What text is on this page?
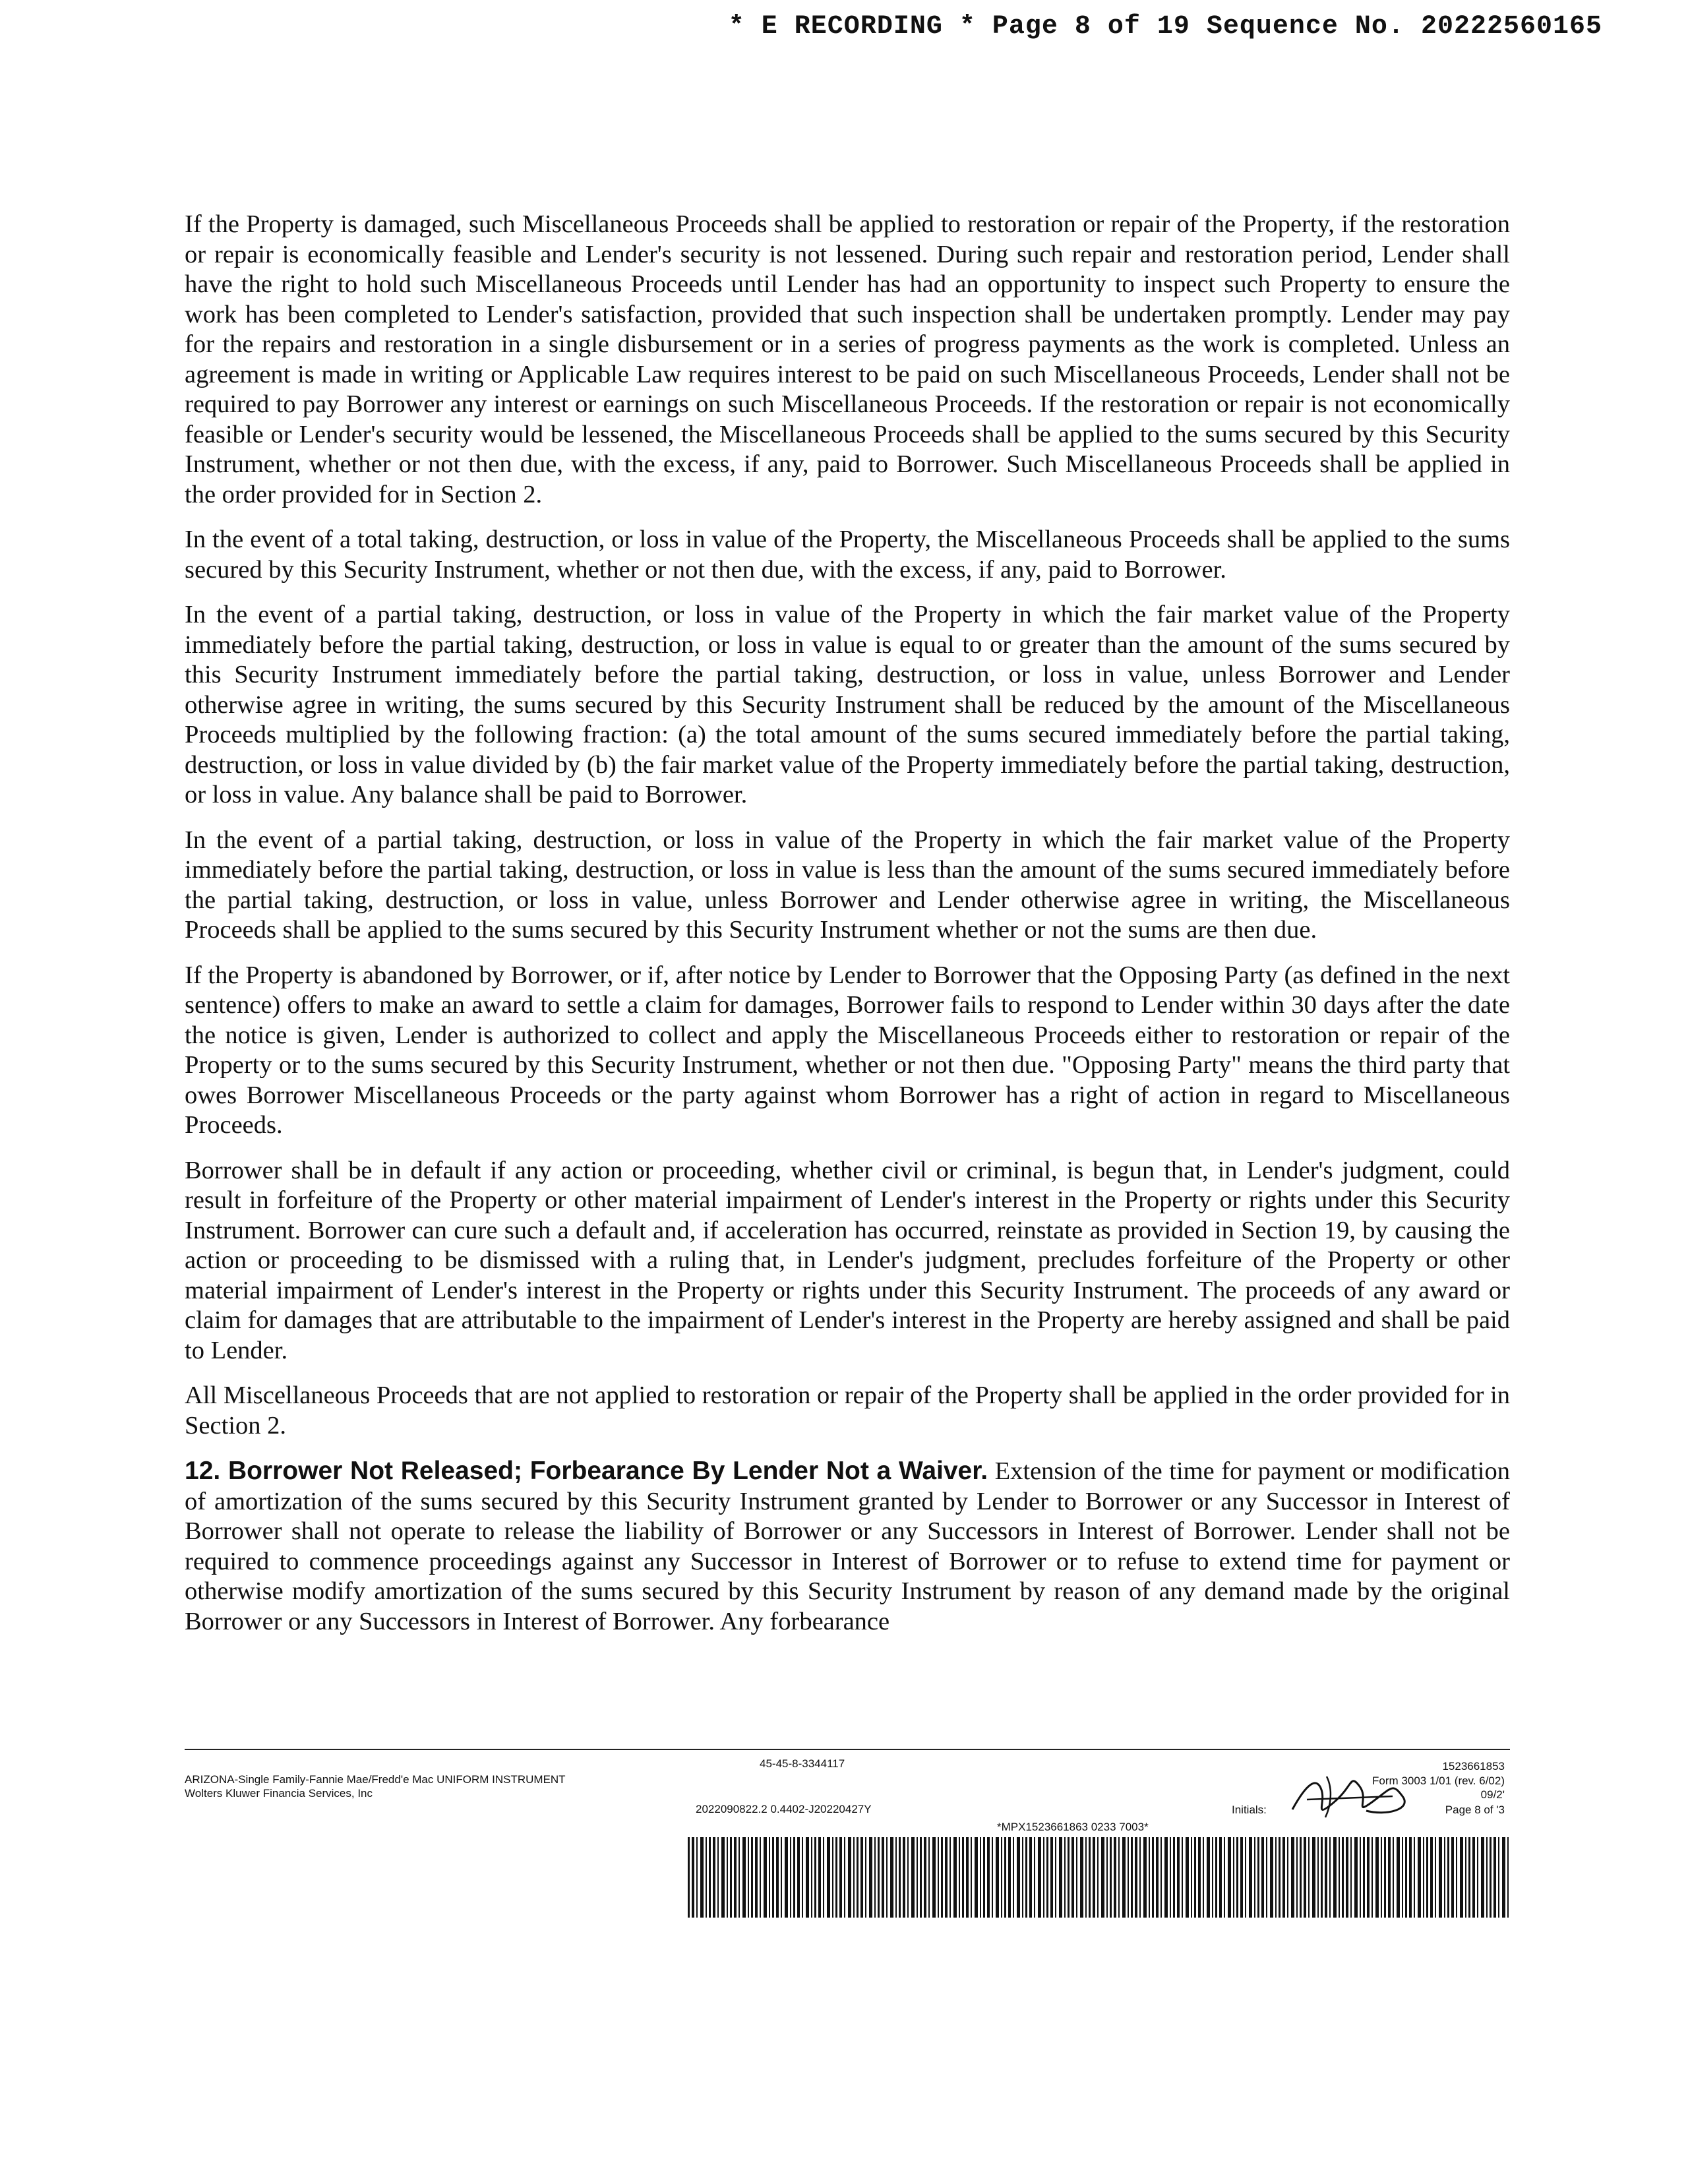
* E RECORDING * Page 8 of 19 Sequence No. 20222560165

If the Property is damaged, such Miscellaneous Proceeds shall be applied to restoration or repair of the Property, if the restoration or repair is economically feasible and Lender's security is not lessened. During such repair and restoration period, Lender shall have the right to hold such Miscellaneous Proceeds until Lender has had an opportunity to inspect such Property to ensure the work has been completed to Lender's satisfaction, provided that such inspection shall be undertaken promptly. Lender may pay for the repairs and restoration in a single disbursement or in a series of progress payments as the work is completed. Unless an agreement is made in writing or Applicable Law requires interest to be paid on such Miscellaneous Proceeds, Lender shall not be required to pay Borrower any interest or earnings on such Miscellaneous Proceeds. If the restoration or repair is not economically feasible or Lender's security would be lessened, the Miscellaneous Proceeds shall be applied to the sums secured by this Security Instrument, whether or not then due, with the excess, if any, paid to Borrower. Such Miscellaneous Proceeds shall be applied in the order provided for in Section 2.

In the event of a total taking, destruction, or loss in value of the Property, the Miscellaneous Proceeds shall be applied to the sums secured by this Security Instrument, whether or not then due, with the excess, if any, paid to Borrower.

In the event of a partial taking, destruction, or loss in value of the Property in which the fair market value of the Property immediately before the partial taking, destruction, or loss in value is equal to or greater than the amount of the sums secured by this Security Instrument immediately before the partial taking, destruction, or loss in value, unless Borrower and Lender otherwise agree in writing, the sums secured by this Security Instrument shall be reduced by the amount of the Miscellaneous Proceeds multiplied by the following fraction: (a) the total amount of the sums secured immediately before the partial taking, destruction, or loss in value divided by (b) the fair market value of the Property immediately before the partial taking, destruction, or loss in value. Any balance shall be paid to Borrower.

In the event of a partial taking, destruction, or loss in value of the Property in which the fair market value of the Property immediately before the partial taking, destruction, or loss in value is less than the amount of the sums secured immediately before the partial taking, destruction, or loss in value, unless Borrower and Lender otherwise agree in writing, the Miscellaneous Proceeds shall be applied to the sums secured by this Security Instrument whether or not the sums are then due.

If the Property is abandoned by Borrower, or if, after notice by Lender to Borrower that the Opposing Party (as defined in the next sentence) offers to make an award to settle a claim for damages, Borrower fails to respond to Lender within 30 days after the date the notice is given, Lender is authorized to collect and apply the Miscellaneous Proceeds either to restoration or repair of the Property or to the sums secured by this Security Instrument, whether or not then due. "Opposing Party" means the third party that owes Borrower Miscellaneous Proceeds or the party against whom Borrower has a right of action in regard to Miscellaneous Proceeds.

Borrower shall be in default if any action or proceeding, whether civil or criminal, is begun that, in Lender's judgment, could result in forfeiture of the Property or other material impairment of Lender's interest in the Property or rights under this Security Instrument. Borrower can cure such a default and, if acceleration has occurred, reinstate as provided in Section 19, by causing the action or proceeding to be dismissed with a ruling that, in Lender's judgment, precludes forfeiture of the Property or other material impairment of Lender's interest in the Property or rights under this Security Instrument. The proceeds of any award or claim for damages that are attributable to the impairment of Lender's interest in the Property are hereby assigned and shall be paid to Lender.

All Miscellaneous Proceeds that are not applied to restoration or repair of the Property shall be applied in the order provided for in Section 2.

12. Borrower Not Released; Forbearance By Lender Not a Waiver. Extension of the time for payment or modification of amortization of the sums secured by this Security Instrument granted by Lender to Borrower or any Successor in Interest of Borrower shall not operate to release the liability of Borrower or any Successors in Interest of Borrower. Lender shall not be required to commence proceedings against any Successor in Interest of Borrower or to refuse to extend time for payment or otherwise modify amortization of the sums secured by this Security Instrument by reason of any demand made by the original Borrower or any Successors in Interest of Borrower. Any forbearance

ARIZONA-Single Family-Fannie Mae/Fredd'e Mac UNIFORM INSTRUMENT
Wolters Kluwer Financia Services, Inc
45-45-8-3344117
2022090822.2 0.4402-J20220427Y
1523661853
Form 3003 1/01 (rev. 6/02)
09/2'
Initials:	Page 8 of '3
*MPX1523661863 0233 7003*
